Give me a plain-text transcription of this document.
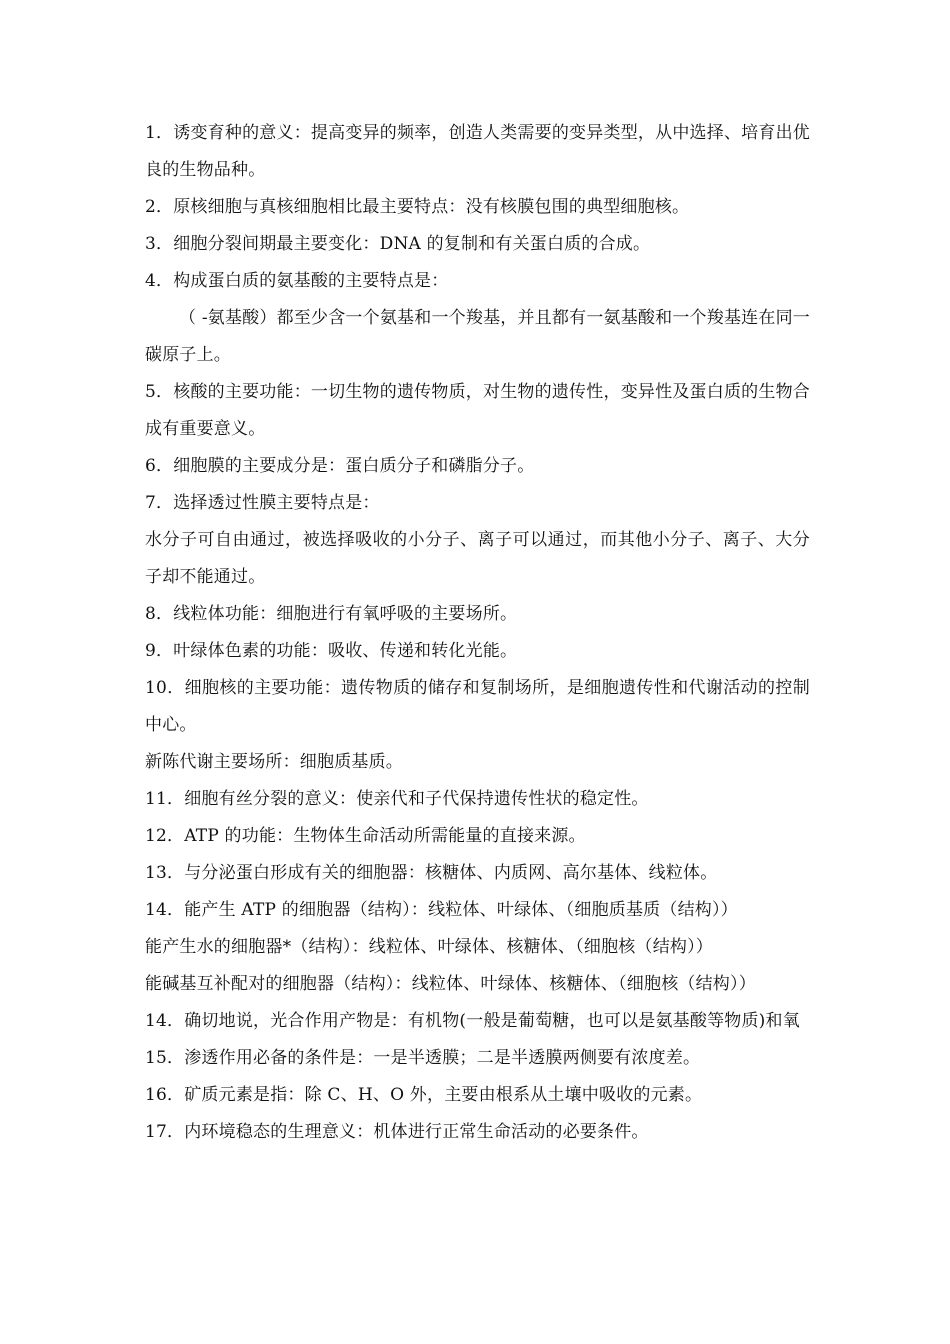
1．诱变育种的意义：提高变异的频率，创造人类需要的变异类型，从中选择、培育出优良的生物品种。

2．原核细胞与真核细胞相比最主要特点：没有核膜包围的典型细胞核。

3．细胞分裂间期最主要变化：DNA 的复制和有关蛋白质的合成。

4．构成蛋白质的氨基酸的主要特点是：

（ -氨基酸）都至少含一个氨基和一个羧基，并且都有一氨基酸和一个羧基连在同一碳原子上。

5．核酸的主要功能：一切生物的遗传物质，对生物的遗传性，变异性及蛋白质的生物合成有重要意义。

6．细胞膜的主要成分是：蛋白质分子和磷脂分子。

7．选择透过性膜主要特点是：

水分子可自由通过，被选择吸收的小分子、离子可以通过，而其他小分子、离子、大分子却不能通过。

8．线粒体功能：细胞进行有氧呼吸的主要场所。

9．叶绿体色素的功能：吸收、传递和转化光能。

10．细胞核的主要功能：遗传物质的储存和复制场所，是细胞遗传性和代谢活动的控制中心。

新陈代谢主要场所：细胞质基质。

11．细胞有丝分裂的意义：使亲代和子代保持遗传性状的稳定性。

12．ATP 的功能：生物体生命活动所需能量的直接来源。

13．与分泌蛋白形成有关的细胞器：核糖体、内质网、高尔基体、线粒体。

14．能产生 ATP 的细胞器（结构）：线粒体、叶绿体、（细胞质基质（结构））

能产生水的细胞器*（结构）：线粒体、叶绿体、核糖体、（细胞核（结构））

能碱基互补配对的细胞器（结构）：线粒体、叶绿体、核糖体、（细胞核（结构））

14．确切地说，光合作用产物是：有机物(一般是葡萄糖，也可以是氨基酸等物质)和氧

15．渗透作用必备的条件是：一是半透膜；二是半透膜两侧要有浓度差。

16．矿质元素是指：除 C、H、O 外，主要由根系从土壤中吸收的元素。

17．内环境稳态的生理意义：机体进行正常生命活动的必要条件。
